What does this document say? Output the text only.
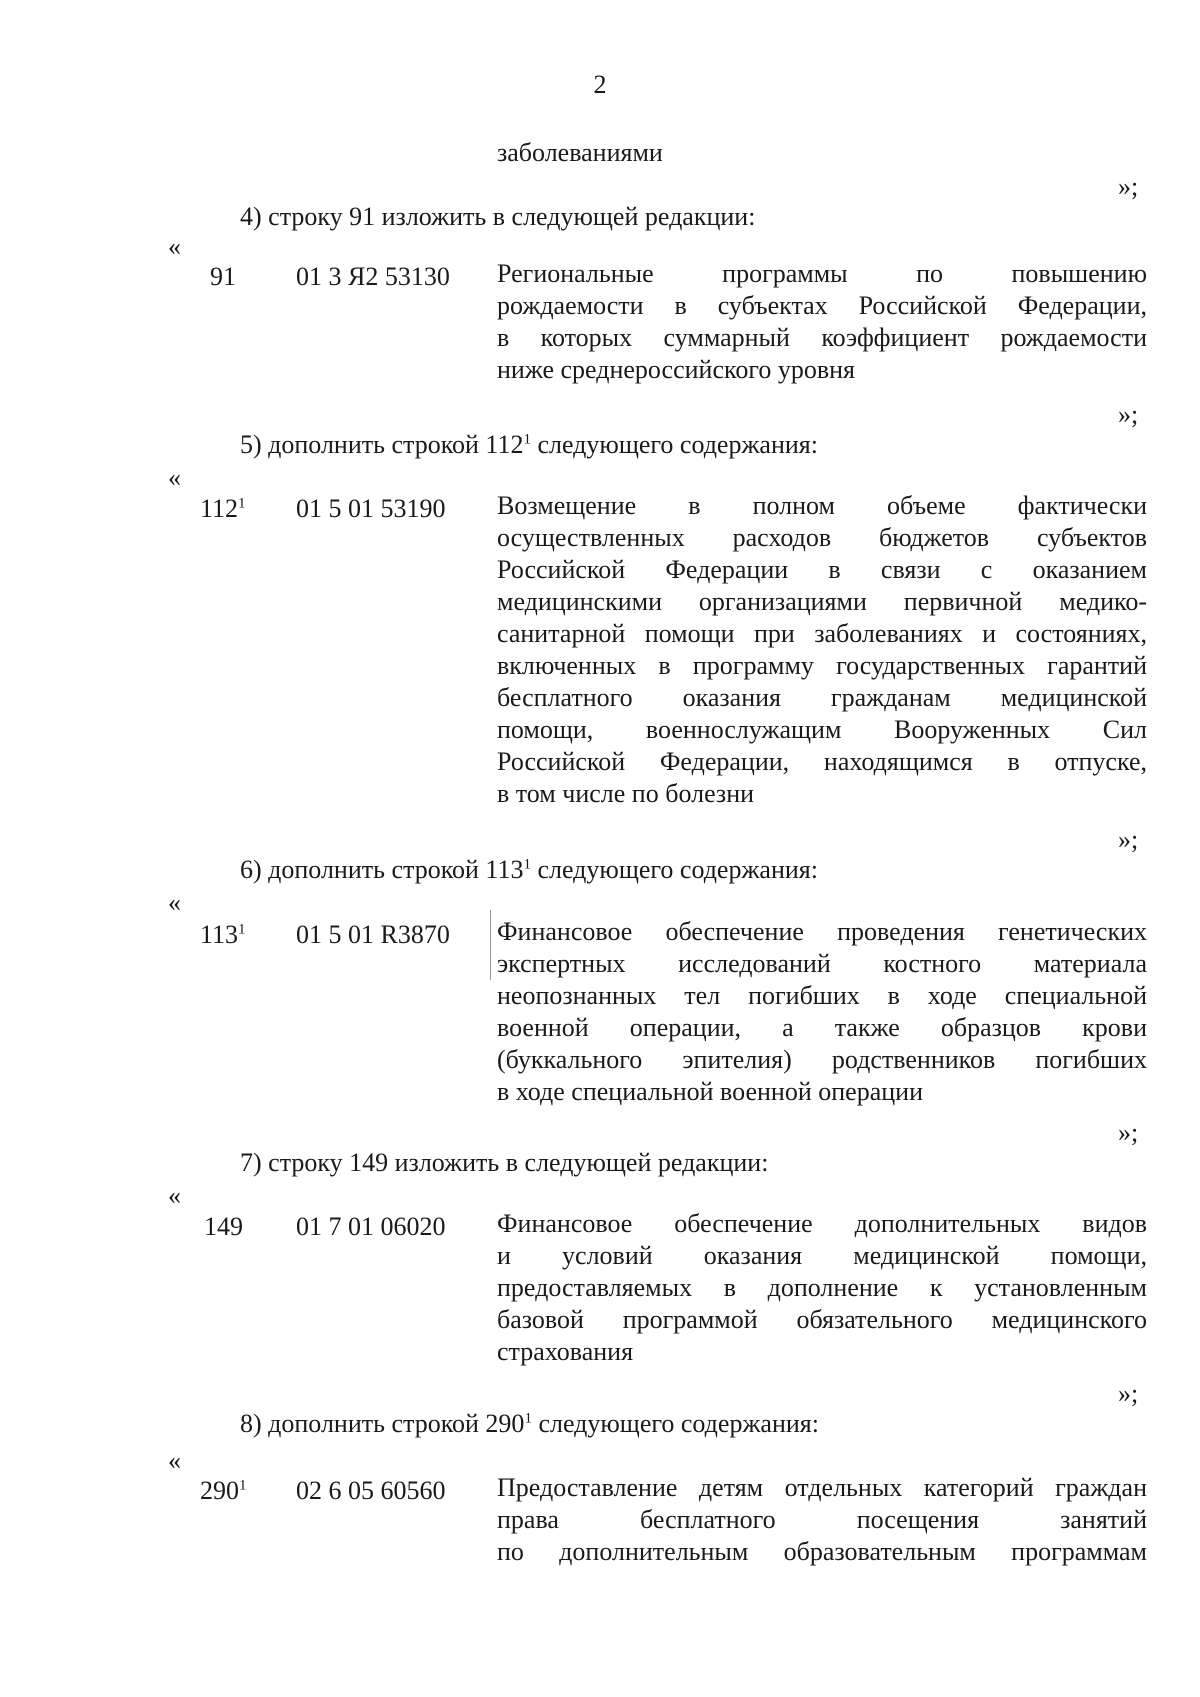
2
заболеваниями
»;
4) строку 91 изложить в следующей редакции:
«
91 01 3 Я2 53130 Региональные программы по повышению
рождаемости в субъектах Российской Федерации,
в которых суммарный коэффициент рождаемости
ниже среднероссийского уровня
»;
5) дополнить строкой $112^1$ следующего содержания:
«
$112^1$ 01 5 01 53190 Возмещение в полном объеме фактически
осуществленных расходов бюджетов субъектов
Российской Федерации в связи с оказанием
медицинскими организациями первичной медико-
санитарной помощи при заболеваниях и состояниях,
включенных в программу государственных гарантий
бесплатного оказания гражданам медицинской
помощи, военнослужащим Вооруженных Сил
Российской Федерации, находящимся в отпуске,
в том числе по болезни
»;
6) дополнить строкой $113^1$ следующего содержания:
«
$113^1$ 01 5 01 R3870 Финансовое обеспечение проведения генетических
экспертных исследований костного материала
неопознанных тел погибших в ходе специальной
военной операции, а также образцов крови
(буккального эпителия) родственников погибших
в ходе специальной военной операции
»;
7) строку 149 изложить в следующей редакции:
«
149 01 7 01 06020 Финансовое обеспечение дополнительных видов
и условий оказания медицинской помощи,
предоставляемых в дополнение к установленным
базовой программой обязательного медицинского
страхования
»;
8) дополнить строкой $290^1$ следующего содержания:
«
$290^1$ 02 6 05 60560 Предоставление детям отдельных категорий граждан
права бесплатного посещения занятий
по дополнительным образовательным программам
